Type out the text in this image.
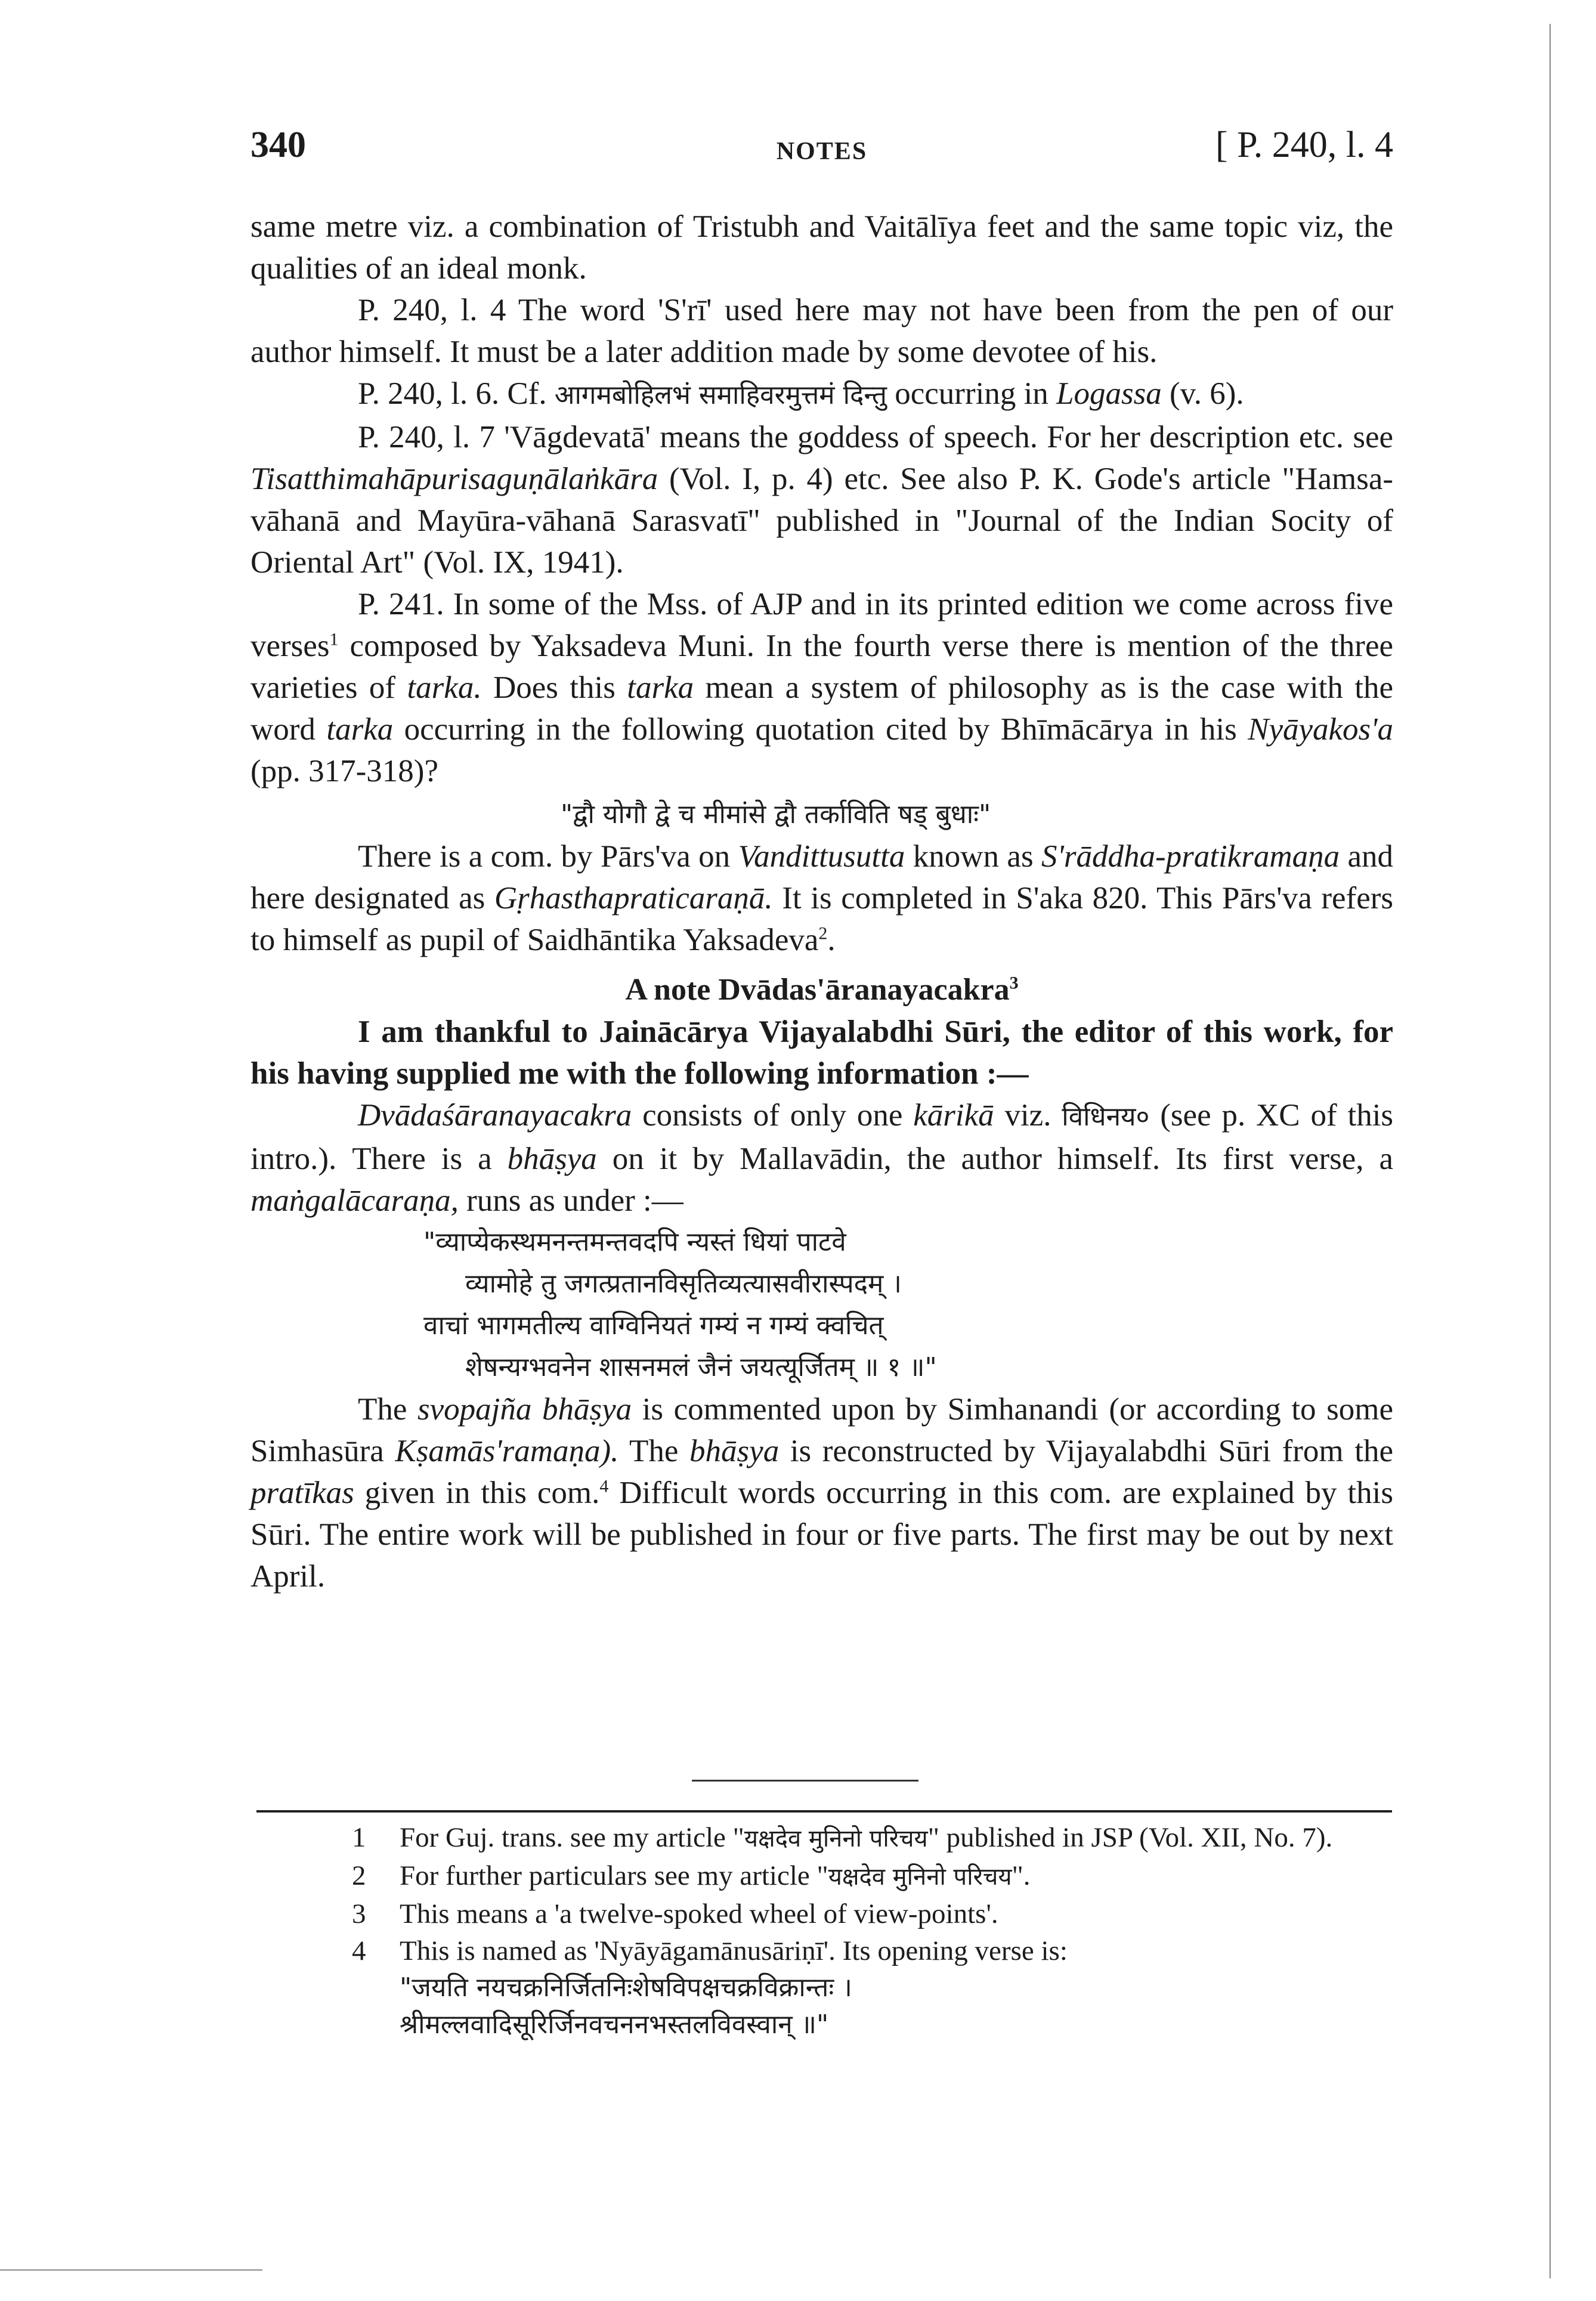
340	NOTES	[ P. 240, l. 4

same metre viz. a combination of Tristubh and Vaitālīya feet and the same topic viz, the qualities of an ideal monk.

P. 240, l. 4 The word 'S'rī' used here may not have been from the pen of our author himself. It must be a later addition made by some devotee of his.

P. 240, l. 6. Cf. आगमबोहिलभं समाहिवरमुत्तमं दिन्तु occurring in Logassa (v. 6).

P. 240, l. 7 'Vāgdevatā' means the goddess of speech. For her description etc. see Tisatthimahāpurisaguṇālaṅkāra (Vol. I, p. 4) etc. See also P. K. Gode's article "Hamsa-vāhanā and Mayūra-vāhanā Sarasvatī" published in "Journal of the Indian Socity of Oriental Art" (Vol. IX, 1941).

P. 241. In some of the Mss. of AJP and in its printed edition we come across five verses$^1$ composed by Yaksadeva Muni. In the fourth verse there is mention of the three varieties of tarka. Does this tarka mean a system of philosophy as is the case with the word tarka occurring in the following quotation cited by Bhīmācārya in his Nyāyakos'a (pp. 317-318)?

"द्वौ योगौ द्वे च मीमांसे द्वौ तर्काविति षड् बुधाः"

There is a com. by Pārs'va on Vandittusutta known as S'rāddha-pratikramaṇa and here designated as Gṛhasthapraticaraṇā. It is completed in S'aka 820. This Pārs'va refers to himself as pupil of Saidhāntika Yaksadeva$^2$.

A note Dvādas'āranayacakra$^3$

I am thankful to Jainācārya Vijayalabdhi Sūri, the editor of this work, for his having supplied me with the following information :—

Dvādaśāranayacakra consists of only one kārikā viz. विधिनय० (see p. XC of this intro.). There is a bhāṣya on it by Mallavādin, the author himself. Its first verse, a maṅgalācaraṇa, runs as under :—

"व्याप्येकस्थमनन्तमन्तवदपि न्यस्तं धियां पाटवे
व्यामोहे तु जगत्प्रतानविसृतिव्यत्यासवीरास्पदम् ।
वाचां भागमतील्य वाग्विनियतं गम्यं न गम्यं क्वचित्
शेषन्यग्भवनेन शासनमलं जैनं जयत्यूर्जितम् ॥ १ ॥"

The svopajña bhāṣya is commented upon by Simhanandi (or according to some Simhasūra Kṣamās'ramaṇa). The bhāṣya is reconstructed by Vijayalabdhi Sūri from the pratīkas given in this com.$^4$ Difficult words occurring in this com. are explained by this Sūri. The entire work will be published in four or five parts. The first may be out by next April.

1 For Guj. trans. see my article "यक्षदेव मुनिनो परिचय" published in JSP (Vol. XII, No. 7).
2 For further particulars see my article "यक्षदेव मुनिनो परिचय".
3 This means a 'a twelve-spoked wheel of view-points'.
4 This is named as 'Nyāyāgamānusāriṇī'. Its opening verse is:
"जयति नयचक्रनिर्जितनिःशेषविपक्षचक्रविक्रान्तः ।
श्रीमल्लवादिसूरिर्जिनवचननभस्तलविवस्वान् ॥"
